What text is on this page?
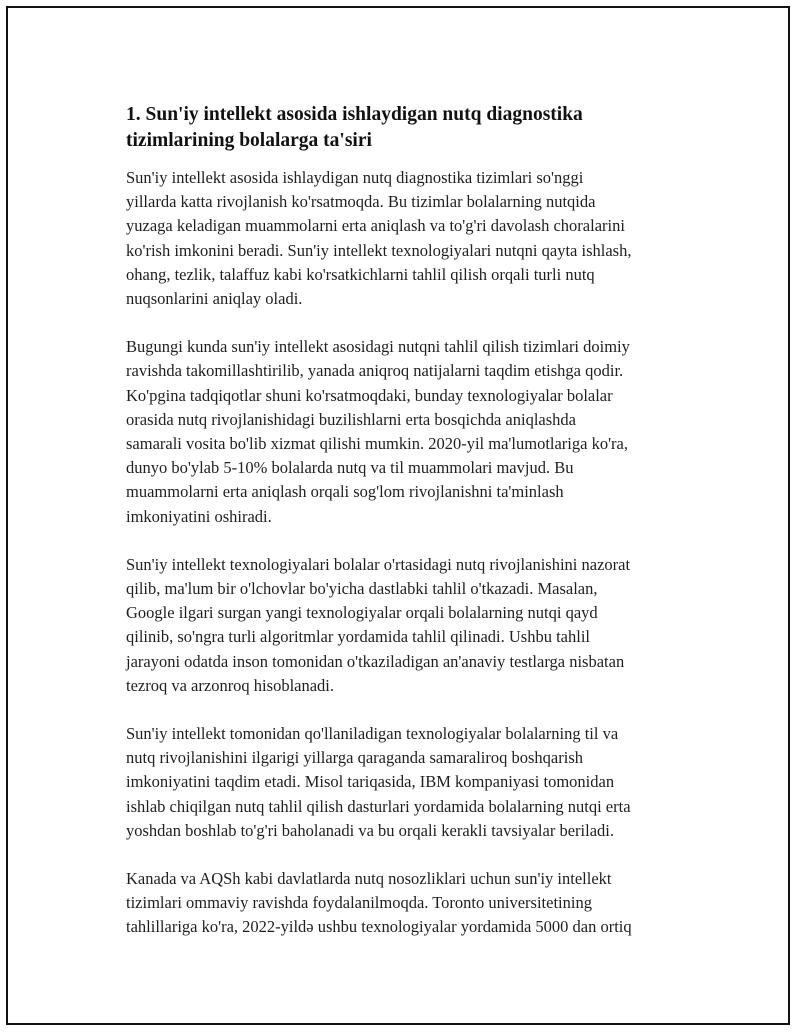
1. Sun'iy intellekt asosida ishlaydigan nutq diagnostika
tizimlarining bolalarga ta'siri

Sun'iy intellekt asosida ishlaydigan nutq diagnostika tizimlari so'nggi
yillarda katta rivojlanish ko'rsatmoqda. Bu tizimlar bolalarning nutqida
yuzaga keladigan muammolarni erta aniqlash va to'g'ri davolash choralarini
ko'rish imkonini beradi. Sun'iy intellekt texnologiyalari nutqni qayta ishlash,
ohang, tezlik, talaffuz kabi ko'rsatkichlarni tahlil qilish orqali turli nutq
nuqsonlarini aniqlay oladi.

Bugungi kunda sun'iy intellekt asosidagi nutqni tahlil qilish tizimlari doimiy
ravishda takomillashtirilib, yanada aniqroq natijalarni taqdim etishga qodir.
Ko'pgina tadqiqotlar shuni ko'rsatmoqdaki, bunday texnologiyalar bolalar
orasida nutq rivojlanishidagi buzilishlarni erta bosqichda aniqlashda
samarali vosita bo'lib xizmat qilishi mumkin. 2020-yil ma'lumotlariga ko'ra,
dunyo bo'ylab 5-10% bolalarda nutq va til muammolari mavjud. Bu
muammolarni erta aniqlash orqali sog'lom rivojlanishni ta'minlash
imkoniyatini oshiradi.

Sun'iy intellekt texnologiyalari bolalar o'rtasidagi nutq rivojlanishini nazorat
qilib, ma'lum bir o'lchovlar bo'yicha dastlabki tahlil o'tkazadi. Masalan,
Google ilgari surgan yangi texnologiyalar orqali bolalarning nutqi qayd
qilinib, so'ngra turli algoritmlar yordamida tahlil qilinadi. Ushbu tahlil
jarayoni odatda inson tomonidan o'tkaziladigan an'anaviy testlarga nisbatan
tezroq va arzonroq hisoblanadi.

Sun'iy intellekt tomonidan qo'llaniladigan texnologiyalar bolalarning til va
nutq rivojlanishini ilgarigi yillarga qaraganda samaraliroq boshqarish
imkoniyatini taqdim etadi. Misol tariqasida, IBM kompaniyasi tomonidan
ishlab chiqilgan nutq tahlil qilish dasturlari yordamida bolalarning nutqi erta
yoshdan boshlab to'g'ri baholanadi va bu orqali kerakli tavsiyalar beriladi.

Kanada va AQSh kabi davlatlarda nutq nosozliklari uchun sun'iy intellekt
tizimlari ommaviy ravishda foydalanilmoqda. Toronto universitetining
tahlillariga ko'ra, 2022-yildə ushbu texnologiyalar yordamida 5000 dan ortiq
